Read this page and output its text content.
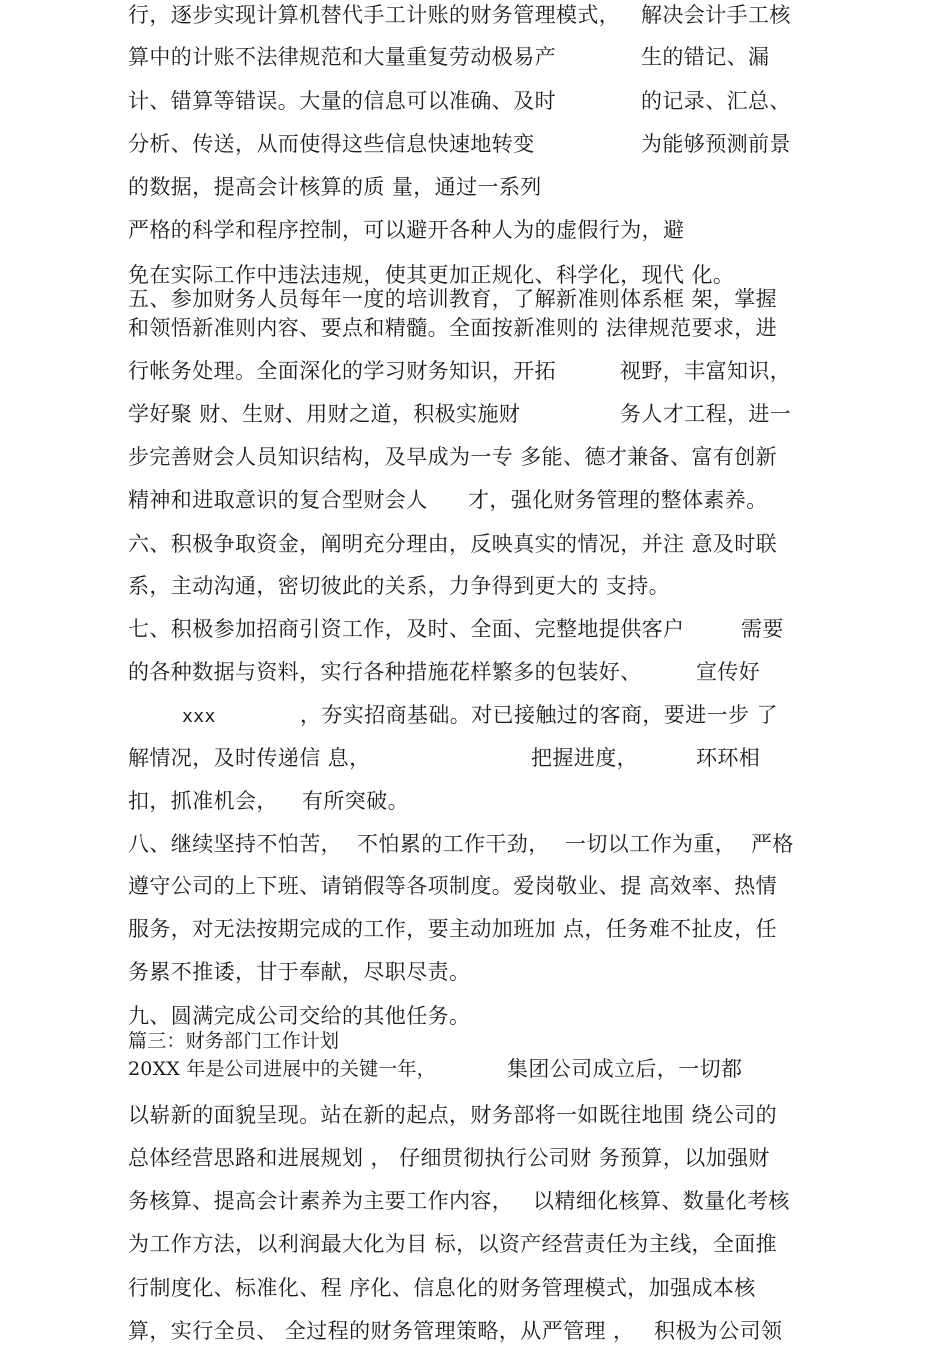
行，逐步实现计算机替代手工计账的财务管理模式， 解决会计手工核
算中的计账不法律规范和大量重复劳动极易产	生的错记、漏
计、错算等错误。大量的信息可以准确、及时	的记录、汇总、
分析、传送，从而使得这些信息快速地转变	为能够预测前景
的数据，提高会计核算的质 量，通过一系列
严格的科学和程序控制，可以避开各种人为的虚假行为，避
免在实际工作中违法违规，使其更加正规化、科学化，现代 化。
五、参加财务人员每年一度的培训教育，了解新准则体系框 架，掌握
和领悟新准则内容、要点和精髓。全面按新准则的 法律规范要求，进
行帐务处理。全面深化的学习财务知识，开拓	视野，丰富知识，
学好聚 财、生财、用财之道，积极实施财	务人才工程，进一
步完善财会人员知识结构，及早成为一专 多能、德才兼备、富有创新
精神和进取意识的复合型财会人 才，强化财务管理的整体素养。
六、积极争取资金，阐明充分理由，反映真实的情况，并注 意及时联
系，主动沟通，密切彼此的关系，力争得到更大的 支持。
七、积极参加招商引资工作，及时、全面、完整地提供客户	需要
的各种数据与资料，实行各种措施花样繁多的包装好、	宣传好
xxx	，夯实招商基础。对已接触过的客商，要进一步 了
解情况，及时传递信 息，	把握进度，	环环相
扣，抓准机会， 有所突破。
八、继续坚持不怕苦， 不怕累的工作干劲， 一切以工作为重， 严格
遵守公司的上下班、请销假等各项制度。爱岗敬业、提 高效率、热情
服务，对无法按期完成的工作，要主动加班加 点，任务难不扯皮，任
务累不推诿，甘于奉献，尽职尽责。
九、圆满完成公司交给的其他任务。
篇三：财务部门工作计划
20XX 年是公司进展中的关键一年，	集团公司成立后，一切都
以崭新的面貌呈现。站在新的起点，财务部将一如既往地围 绕公司的
总体经营思路和进展规划 ， 仔细贯彻执行公司财 务预算，以加强财
务核算、提高会计素养为主要工作内容， 以精细化核算、数量化考核
为工作方法，以利润最大化为目 标，以资产经营责任为主线，全面推
行制度化、标准化、程 序化、信息化的财务管理模式，加强成本核
算，实行全员、 全过程的财务管理策略，从严管理 ， 积极为公司领
